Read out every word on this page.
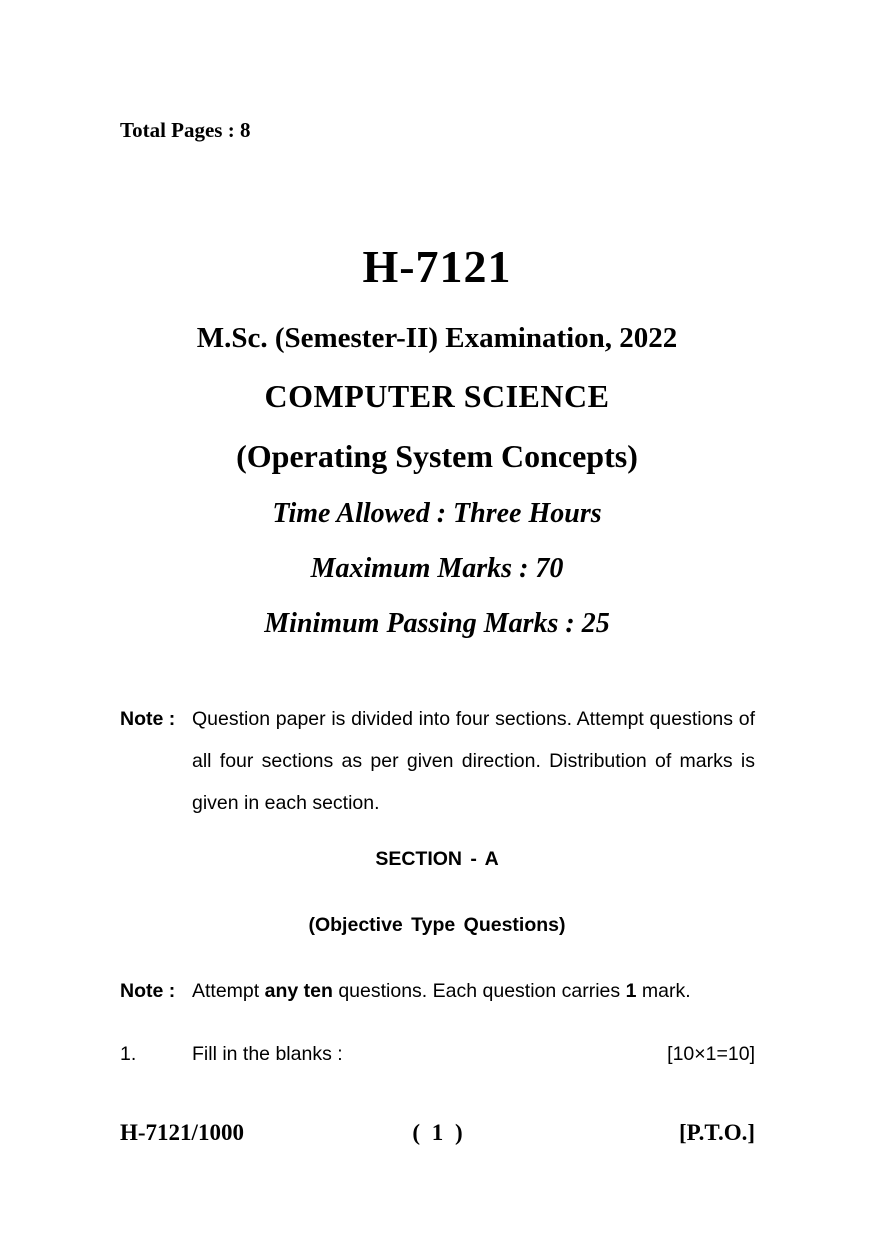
Total Pages : 8
H-7121
M.Sc. (Semester-II) Examination, 2022
COMPUTER SCIENCE
(Operating System Concepts)
Time Allowed : Three Hours
Maximum Marks : 70
Minimum Passing Marks : 25
Note : Question paper is divided into four sections. Attempt questions of all four sections as per given direction. Distribution of marks is given in each section.
SECTION - A
(Objective Type Questions)
Note : Attempt any ten questions. Each question carries 1 mark.
1.	Fill in the blanks :	[10×1=10]
H-7121/1000	( 1 )	[P.T.O.]
